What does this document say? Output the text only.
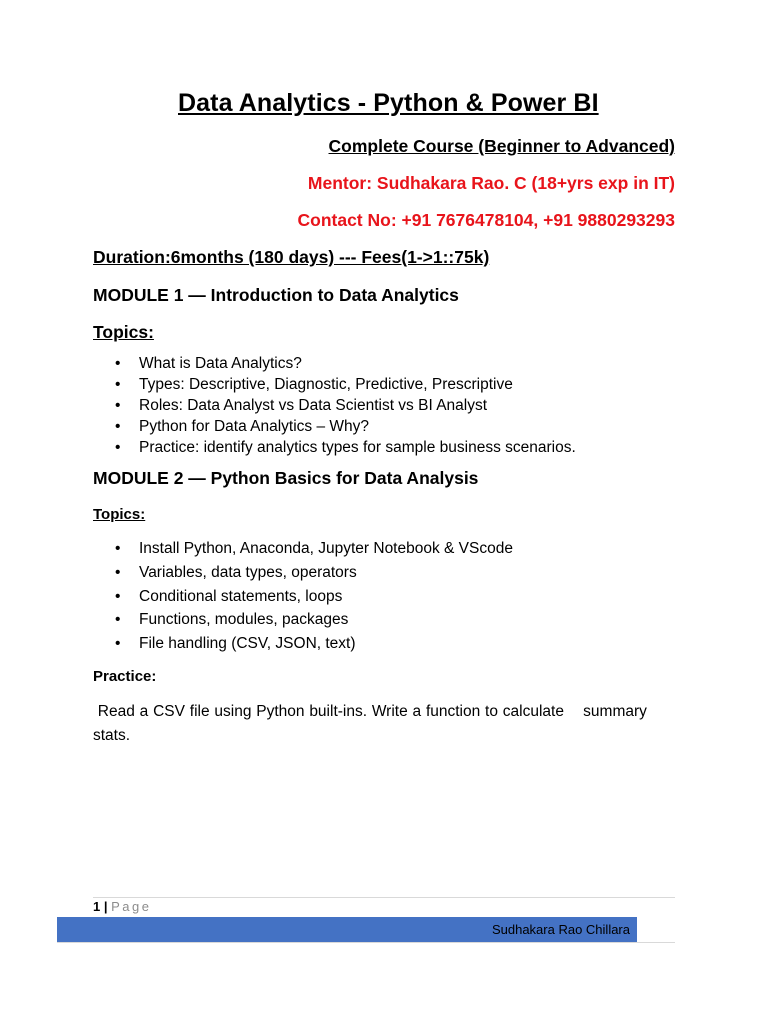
Data Analytics - Python & Power BI
Complete Course (Beginner to Advanced)
Mentor: Sudhakara Rao. C (18+yrs exp in IT)
Contact No: +91 7676478104, +91 9880293293
Duration:6months (180 days) --- Fees(1->1::75k)
MODULE 1 — Introduction to Data Analytics
Topics:
• What is Data Analytics?
• Types: Descriptive, Diagnostic, Predictive, Prescriptive
• Roles: Data Analyst vs Data Scientist vs BI Analyst
• Python for Data Analytics – Why?
• Practice: identify analytics types for sample business scenarios.
MODULE 2 — Python Basics for Data Analysis
Topics:
• Install Python, Anaconda, Jupyter Notebook & VScode
• Variables, data types, operators
• Conditional statements, loops
• Functions, modules, packages
• File handling (CSV, JSON, text)
Practice:
Read a CSV file using Python built-ins. Write a function to calculate    summary stats.
1 | Page
Sudhakara Rao Chillara
